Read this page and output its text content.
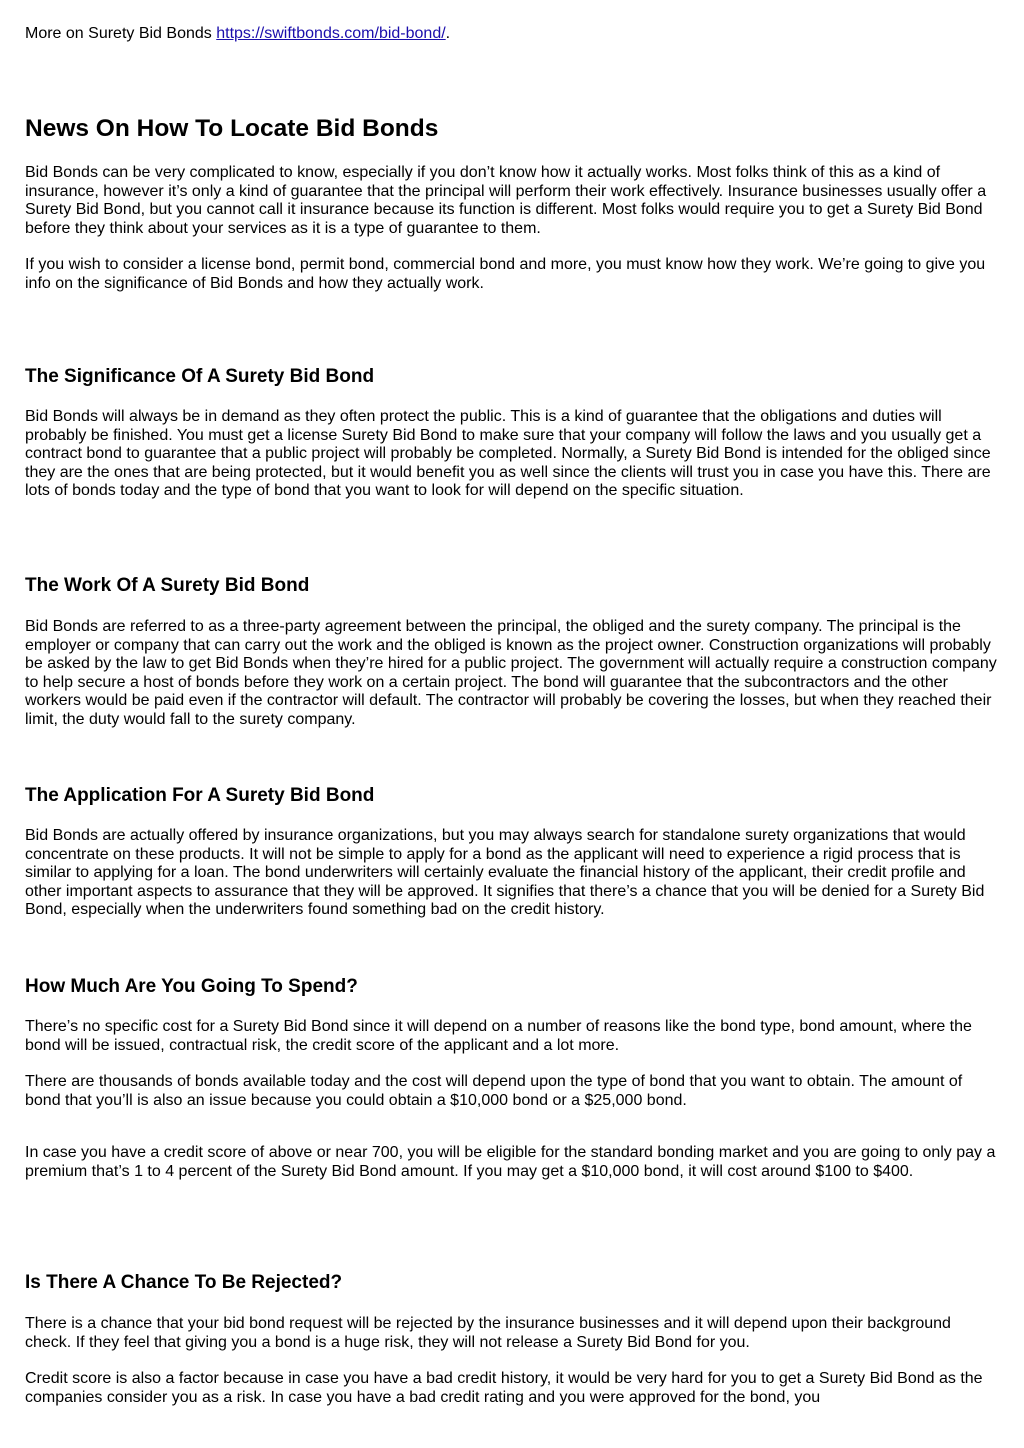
More on Surety Bid Bonds https://swiftbonds.com/bid-bond/.
News On How To Locate Bid Bonds

Bid Bonds can be very complicated to know, especially if you don’t know how it actually works. Most folks think of this as a kind of insurance, however it’s only a kind of guarantee that the principal will perform their work effectively. Insurance businesses usually offer a Surety Bid Bond, but you cannot call it insurance because its function is different. Most folks would require you to get a Surety Bid Bond before they think about your services as it is a type of guarantee to them.

If you wish to consider a license bond, permit bond, commercial bond and more, you must know how they work. We’re going to give you info on the significance of Bid Bonds and how they actually work.

The Significance Of A Surety Bid Bond

Bid Bonds will always be in demand as they often protect the public. This is a kind of guarantee that the obligations and duties will probably be finished. You must get a license Surety Bid Bond to make sure that your company will follow the laws and you usually get a contract bond to guarantee that a public project will probably be completed. Normally, a Surety Bid Bond is intended for the obliged since they are the ones that are being protected, but it would benefit you as well since the clients will trust you in case you have this. There are lots of bonds today and the type of bond that you want to look for will depend on the specific situation.

The Work Of A Surety Bid Bond

Bid Bonds are referred to as a three-party agreement between the principal, the obliged and the surety company. The principal is the employer or company that can carry out the work and the obliged is known as the project owner. Construction organizations will probably be asked by the law to get Bid Bonds when they’re hired for a public project. The government will actually require a construction company to help secure a host of bonds before they work on a certain project. The bond will guarantee that the subcontractors and the other workers would be paid even if the contractor will default. The contractor will probably be covering the losses, but when they reached their limit, the duty would fall to the surety company.

The Application For A Surety Bid Bond

Bid Bonds are actually offered by insurance organizations, but you may always search for standalone surety organizations that would concentrate on these products. It will not be simple to apply for a bond as the applicant will need to experience a rigid process that is similar to applying for a loan. The bond underwriters will certainly evaluate the financial history of the applicant, their credit profile and other important aspects to assurance that they will be approved. It signifies that there’s a chance that you will be denied for a Surety Bid Bond, especially when the underwriters found something bad on the credit history.

How Much Are You Going To Spend?

There’s no specific cost for a Surety Bid Bond since it will depend on a number of reasons like the bond type, bond amount, where the bond will be issued, contractual risk, the credit score of the applicant and a lot more.

There are thousands of bonds available today and the cost will depend upon the type of bond that you want to obtain. The amount of bond that you’ll is also an issue because you could obtain a $10,000 bond or a $25,000 bond.

In case you have a credit score of above or near 700, you will be eligible for the standard bonding market and you are going to only pay a premium that’s 1 to 4 percent of the Surety Bid Bond amount. If you may get a $10,000 bond, it will cost around $100 to $400.

Is There A Chance To Be Rejected?

There is a chance that your bid bond request will be rejected by the insurance businesses and it will depend upon their background check. If they feel that giving you a bond is a huge risk, they will not release a Surety Bid Bond for you.

Credit score is also a factor because in case you have a bad credit history, it would be very hard for you to get a Surety Bid Bond as the companies consider you as a risk. In case you have a bad credit rating and you were approved for the bond, you
